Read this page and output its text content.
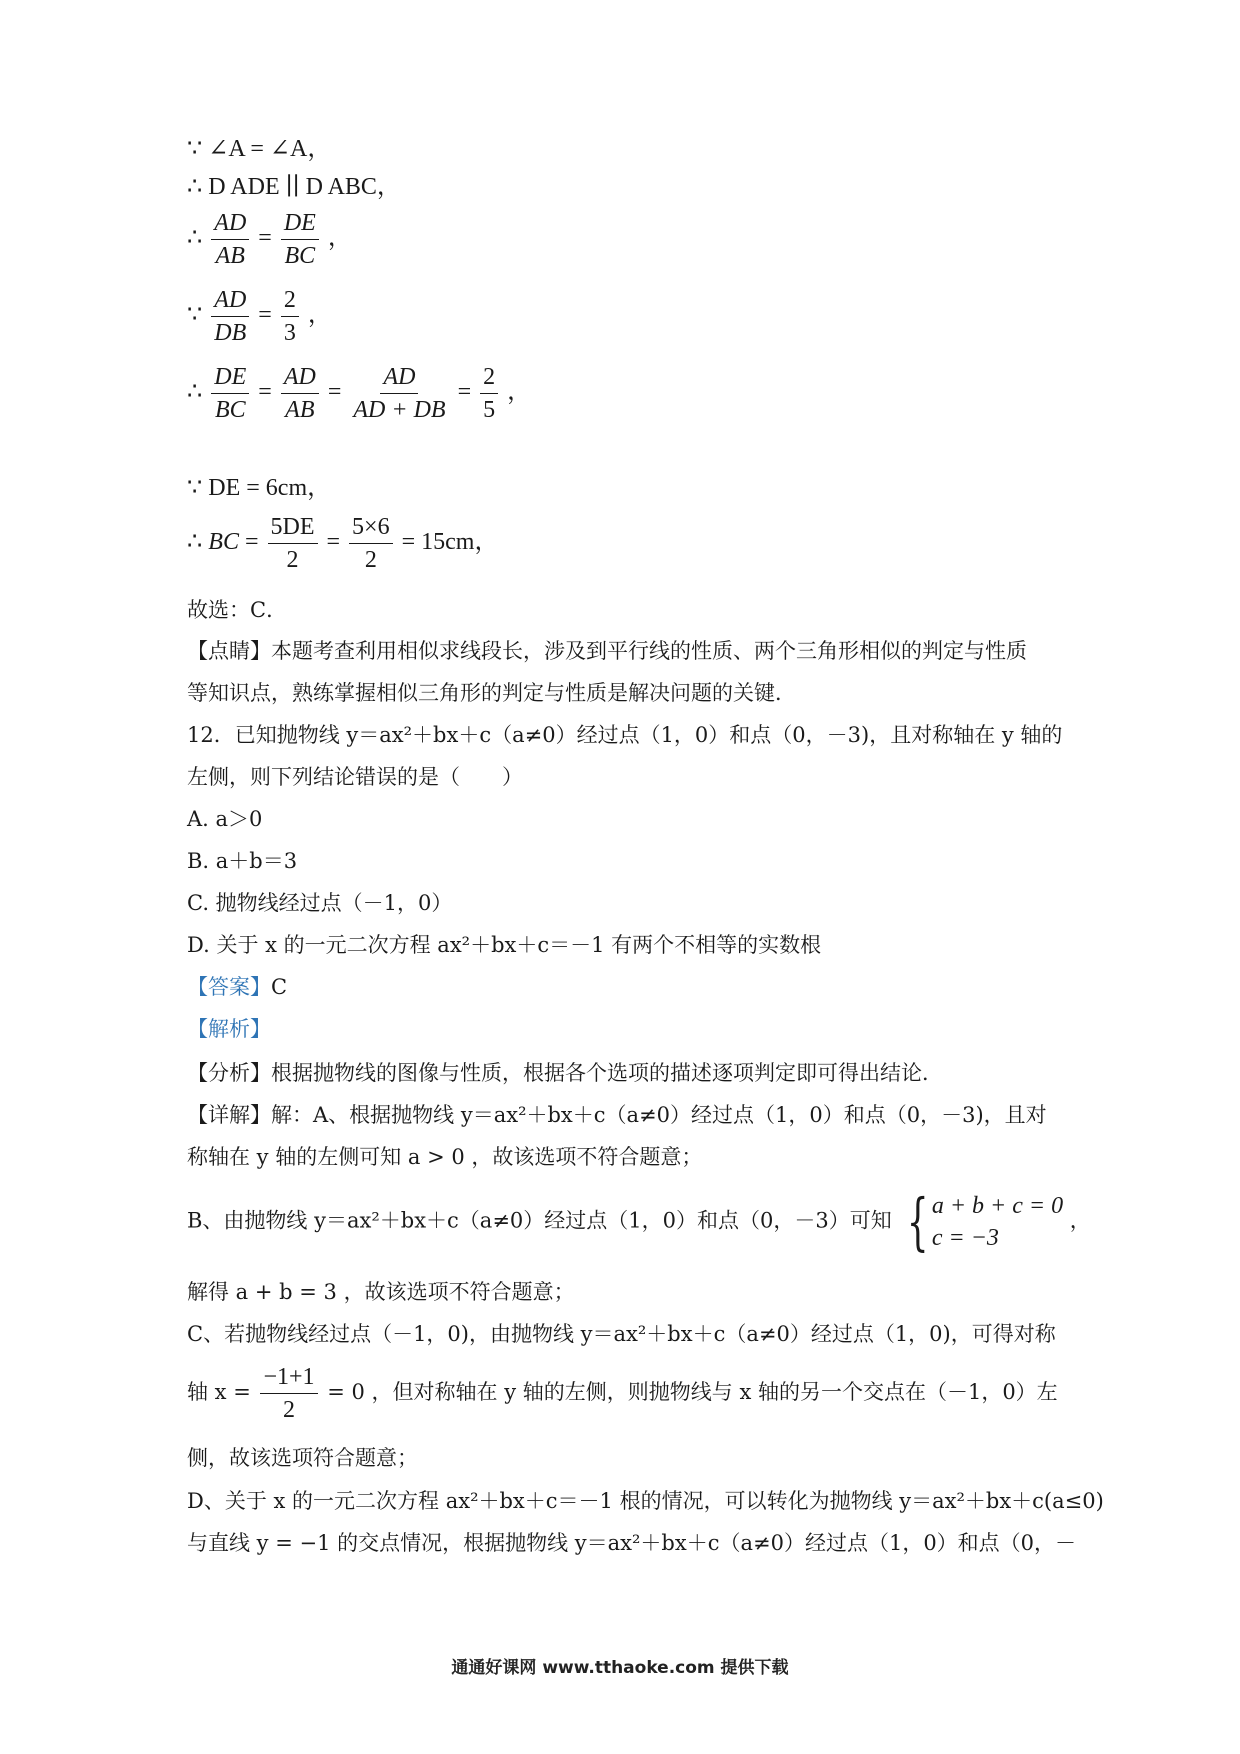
∵ ∠A = ∠A，
∴ D ADE ∣∣ D ABC，
∴ $\frac{AD}{AB} = \frac{DE}{BC}$ ，
∵ $\frac{AD}{DB} = \frac{2}{3}$ ，
∴ $\frac{DE}{BC} = \frac{AD}{AB} = \frac{AD}{AD + DB} = \frac{2}{5}$ ，
∵ DE = 6cm，
∴ BC = $\frac{5DE}{2} = \frac{5\times 6}{2} = 15cm$，
故选：C．
【点睛】本题考查利用相似求线段长，涉及到平行线的性质、两个三角形相似的判定与性质
等知识点，熟练掌握相似三角形的判定与性质是解决问题的关键．
12．已知抛物线 y＝ax²＋bx＋c（a≠0）经过点（1，0）和点（0，－3)，且对称轴在 y 轴的
左侧，则下列结论错误的是（　　）
A. a＞0
B. a＋b＝3
C. 抛物线经过点（－1，0）
D. 关于 x 的一元二次方程 ax²＋bx＋c＝－1 有两个不相等的实数根
【答案】C
【解析】
【分析】根据抛物线的图像与性质，根据各个选项的描述逐项判定即可得出结论．
【详解】解：A、根据抛物线 y＝ax²＋bx＋c（a≠0）经过点（1，0）和点（0，－3)，且对
称轴在 y 轴的左侧可知 a > 0 ，故该选项不符合题意；
B、由抛物线 y＝ax²＋bx＋c（a≠0）经过点（1，0）和点（0，－3）可知 { a + b + c = 0
c = −3
，
解得 a + b = 3 ，故该选项不符合题意；
C、若抛物线经过点（－1，0)，由抛物线 y＝ax²＋bx＋c（a≠0）经过点（1，0)，可得对称
轴 $x = \frac{-1+1}{2} = 0$ ，但对称轴在 y 轴的左侧，则抛物线与 x 轴的另一个交点在（－1，0）左
侧，故该选项符合题意；
D、关于 x 的一元二次方程 ax²＋bx＋c＝－1 根的情况，可以转化为抛物线 y＝ax²＋bx＋c(a≤0)
与直线 y = −1 的交点情况，根据抛物线 y＝ax²＋bx＋c（a≠0）经过点（1，0）和点（0，－
通通好课网 www.tthaoke.com 提供下载
